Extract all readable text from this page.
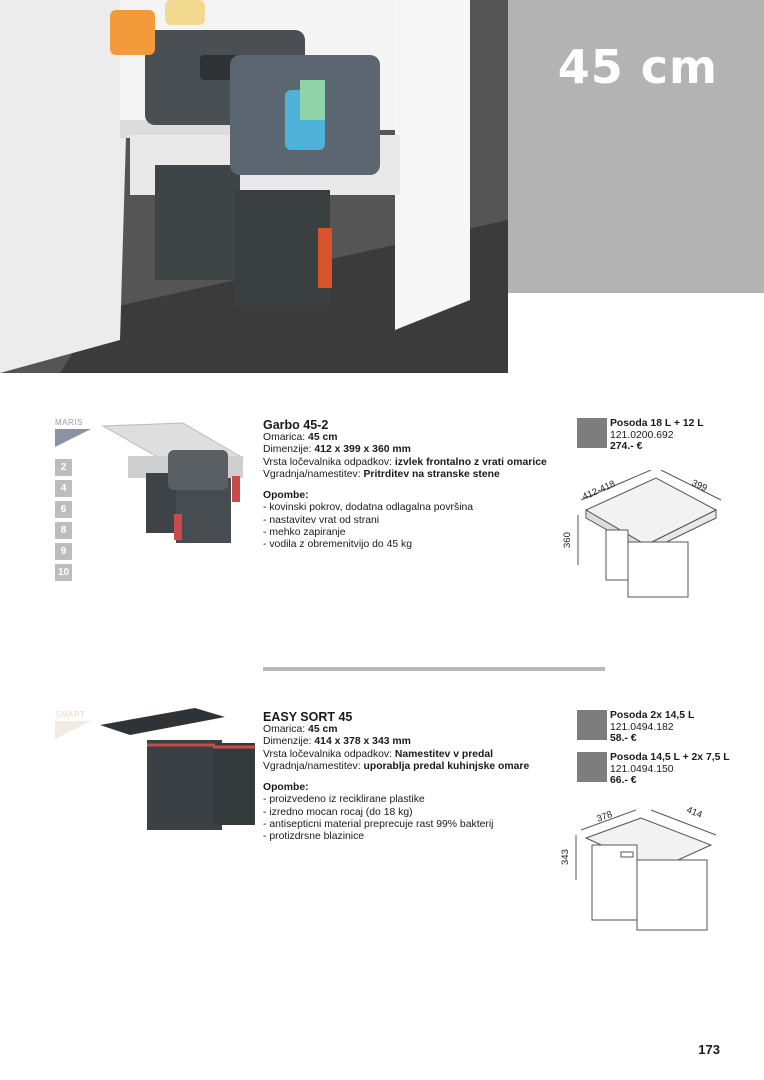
45 cm
MARIS
2
4
6
8
9
10
Garbo 45-2
Omarica: 45 cm
Dimenzije: 412 x 399 x 360 mm
Vrsta ločevalnika odpadkov: izvlek frontalno z vrati omarice
Vgradnja/namestitev: Pritrditev na stranske stene
Opombe:
- kovinski pokrov, dodatna odlagalna površina
- nastavitev vrat od strani
- mehko zapiranje
- vodila z obremenitvijo do 45 kg
Posoda 18 L + 12 L
121.0200.692
274.- €
412-418	399
360
SMART	EASY SORT 45
Omarica: 45 cm
Dimenzije: 414 x 378 x 343 mm
Vrsta ločevalnika odpadkov: Namestitev v predal
Vgradnja/namestitev: uporablja predal kuhinjske omare
Opombe:
- proizvedeno iz reciklirane plastike
- izredno mocan rocaj (do 18 kg)
- antisepticni material preprecuje rast 99% bakterij
- protizdrsne blazinice
Posoda 2x 14,5 L
121.0494.182
58.- €
Posoda 14,5 L + 2x 7,5 L
121.0494.150
66.- €
378	414
343
173
